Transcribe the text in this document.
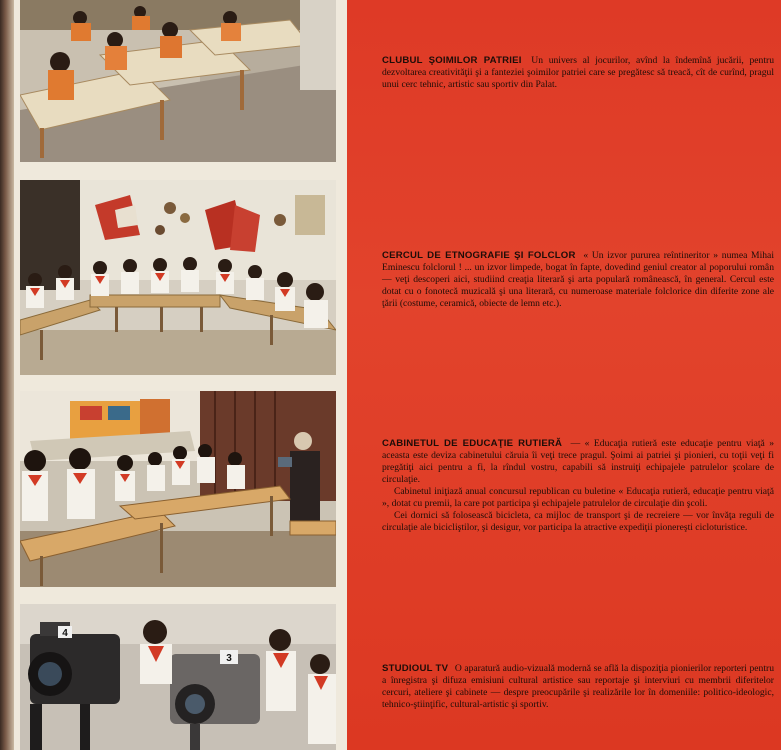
4
3
CLUBUL ŞOIMILOR PATRIEI Un univers al jocurilor, avînd la îndemînă jucării, pentru dezvoltarea creativităţii şi a fanteziei şoimilor patriei care se pregătesc să treacă, cît de curînd, pragul unui cerc tehnic, artistic sau sportiv din Palat.
CERCUL DE ETNOGRAFIE ŞI FOLCLOR « Un izvor pururea reîntineritor » numea Mihai Eminescu folclorul ! ... un izvor limpede, bogat în fapte, dovedind geniul creator al poporului român — veţi descoperi aici, studiind creaţia literară şi arta populară românească, în general. Cercul este dotat cu o fonotecă muzicală şi una literară, cu numeroase materiale folclorice din diferite zone ale ţării (costume, ceramică, obiecte de lemn etc.).
CABINETUL DE EDUCAŢIE RUTIERĂ — « Educaţia rutieră este educaţie pentru viaţă » aceasta este deviza cabinetului căruia îi veţi trece pragul. Şoimi ai patriei şi pionieri, cu toţii veţi fi pregătiţi aici pentru a fi, la rîndul vostru, capabili să instruiţi echipajele patrulelor şcolare de circulaţie.
Cabinetul iniţiază anual concursul republican cu buletine « Educaţia rutieră, educaţie pentru viaţă », dotat cu premii, la care pot participa şi echipajele patrulelor de circulaţie din şcoli.
Cei dornici să folosească bicicleta, ca mijloc de transport şi de recreiere — vor învăţa reguli de circulaţie ale bicicliştilor, şi desigur, vor participa la atractive expediţii pionereşti cicloturistice.
STUDIOUL TV O aparatură audio-vizuală modernă se află la dispoziţia pionierilor reporteri pentru a înregistra şi difuza emisiuni cultural artistice sau reportaje şi interviuri cu membrii diferitelor cercuri, ateliere şi cabinete — despre preocupările şi realizările lor în domeniile: politico-ideologic, tehnico-ştiinţific, cultural-artistic şi sportiv.
